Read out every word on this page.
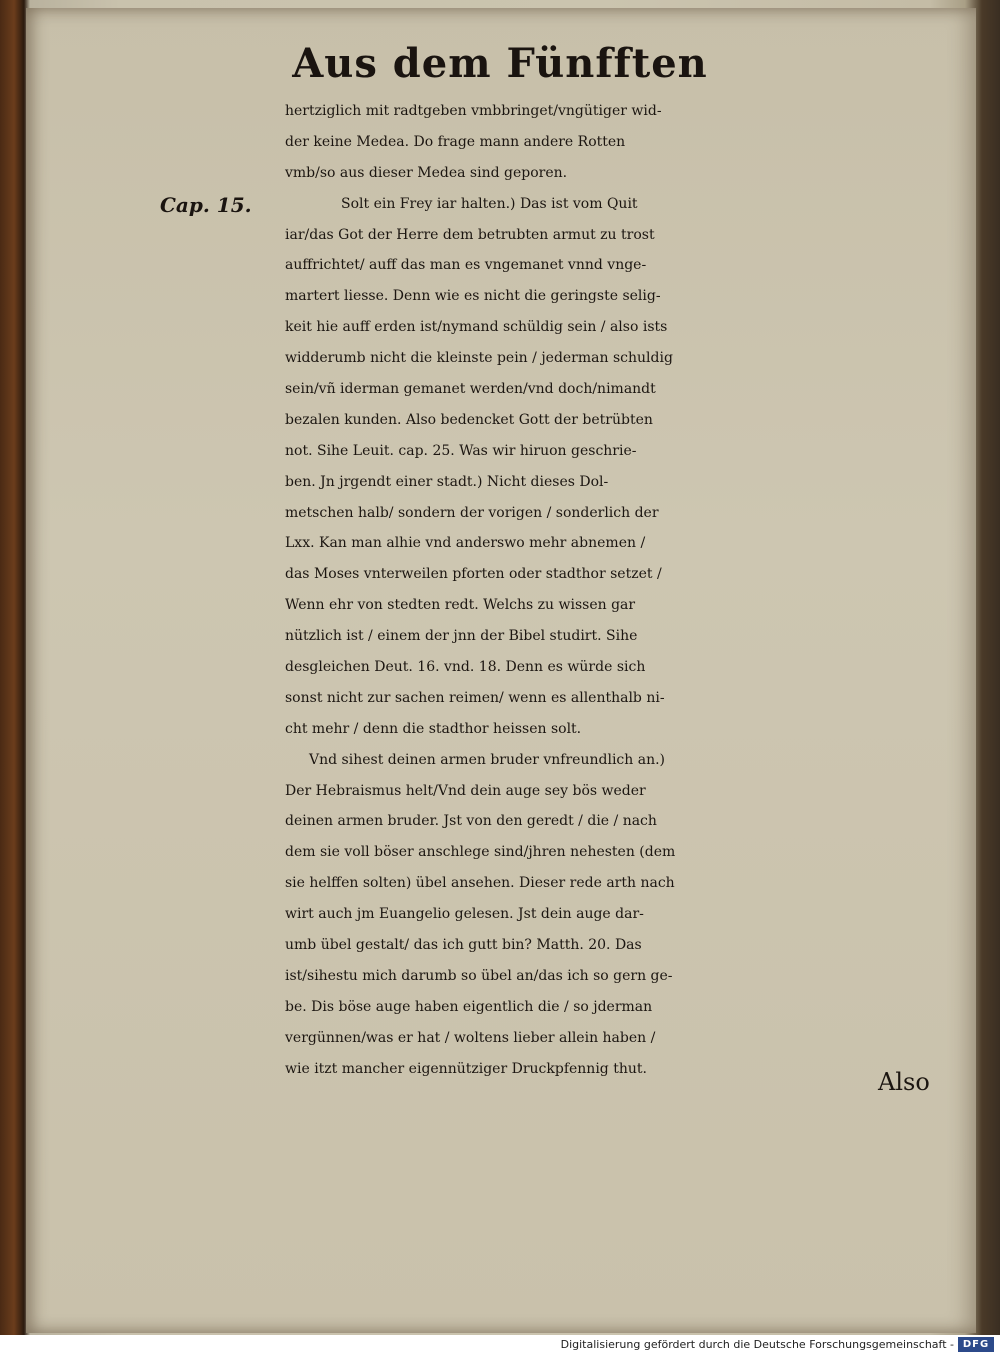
Aus dem Fünfften
Cap. 15.
hertziglich mit radtgeben vmbbringet/vngütiger wid-
der keine Medea. Do frage mann andere Rotten
vmb/so aus dieser Medea sind geporen.
Solt ein Frey iar halten.) Das ist vom Quit
iar/das Got der Herre dem betrubten armut zu trost
auffrichtet/ auff das man es vngemanet vnnd vnge-
martert liesse. Denn wie es nicht die geringste selig-
keit hie auff erden ist/nymand schüldig sein / also ists
widderumb nicht die kleinste pein / jederman schuldig
sein/vñ iderman gemanet werden/vnd doch/nimandt
bezalen kunden. Also bedencket Gott der betrübten
not. Sihe Leuit. cap. 25. Was wir hiruon geschrie-
ben. Jn jrgendt einer stadt.) Nicht dieses Dol-
metschen halb/ sondern der vorigen / sonderlich der
Lxx. Kan man alhie vnd anderswo mehr abnemen /
das Moses vnterweilen pforten oder stadthor setzet /
Wenn ehr von stedten redt. Welchs zu wissen gar
nützlich ist / einem der jnn der Bibel studirt. Sihe
desgleichen Deut. 16. vnd. 18. Denn es würde sich
sonst nicht zur sachen reimen/ wenn es allenthalb ni-
cht mehr / denn die stadthor heissen solt.
Vnd sihest deinen armen bruder vnfreundlich an.)
Der Hebraismus helt/Vnd dein auge sey bös weder
deinen armen bruder. Jst von den geredt / die / nach
dem sie voll böser anschlege sind/jhren nehesten (dem
sie helffen solten) übel ansehen. Dieser rede arth nach
wirt auch jm Euangelio gelesen. Jst dein auge dar-
umb übel gestalt/ das ich gutt bin? Matth. 20. Das
ist/sihestu mich darumb so übel an/das ich so gern ge-
be. Dis böse auge haben eigentlich die / so jderman
vergünnen/was er hat / woltens lieber allein haben /
wie itzt mancher eigennütziger Druckpfennig thut.	Also
Digitalisierung gefördert durch die Deutsche Forschungsgemeinschaft - DFG
